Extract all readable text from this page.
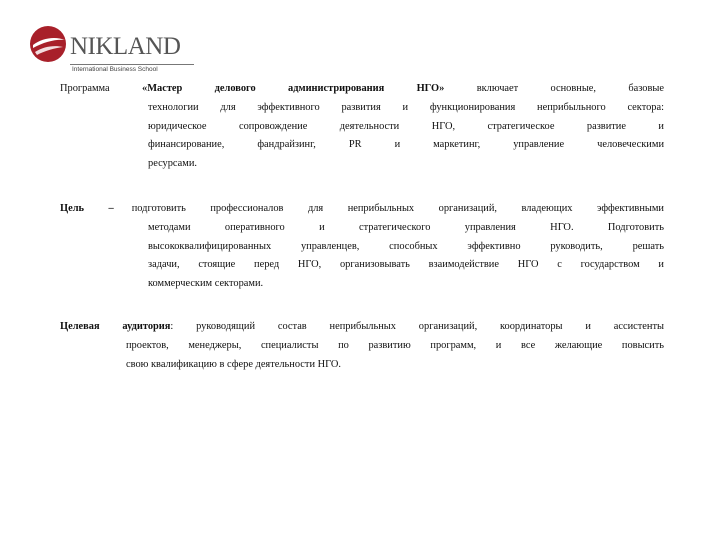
NIKLAND
International Business School

Программа	«Мастер делового администрирования НГО»	включает основные, базовые

технологии для эффективного развития и функционирования неприбыльного сектора:

юридическое сопровождение деятельности НГО, стратегическое развитие и

финансирование, фандрайзинг, PR и маркетинг, управление человеческими

ресурсами.

Цель – подготовить профессионалов для неприбыльных организаций, владеющих эффективными

методами оперативного и стратегического управления НГО. Подготовить

высококвалифицированных управленцев, способных эффективно руководить, решать

задачи, стоящие перед НГО, организовывать взаимодействие НГО с государством и

коммерческим секторами.

Целевая аудитория: руководящий состав неприбыльных организаций, координаторы и ассистенты

проектов, менеджеры, специалисты по развитию программ, и все желающие повысить

свою квалификацию в сфере деятельности НГО.
